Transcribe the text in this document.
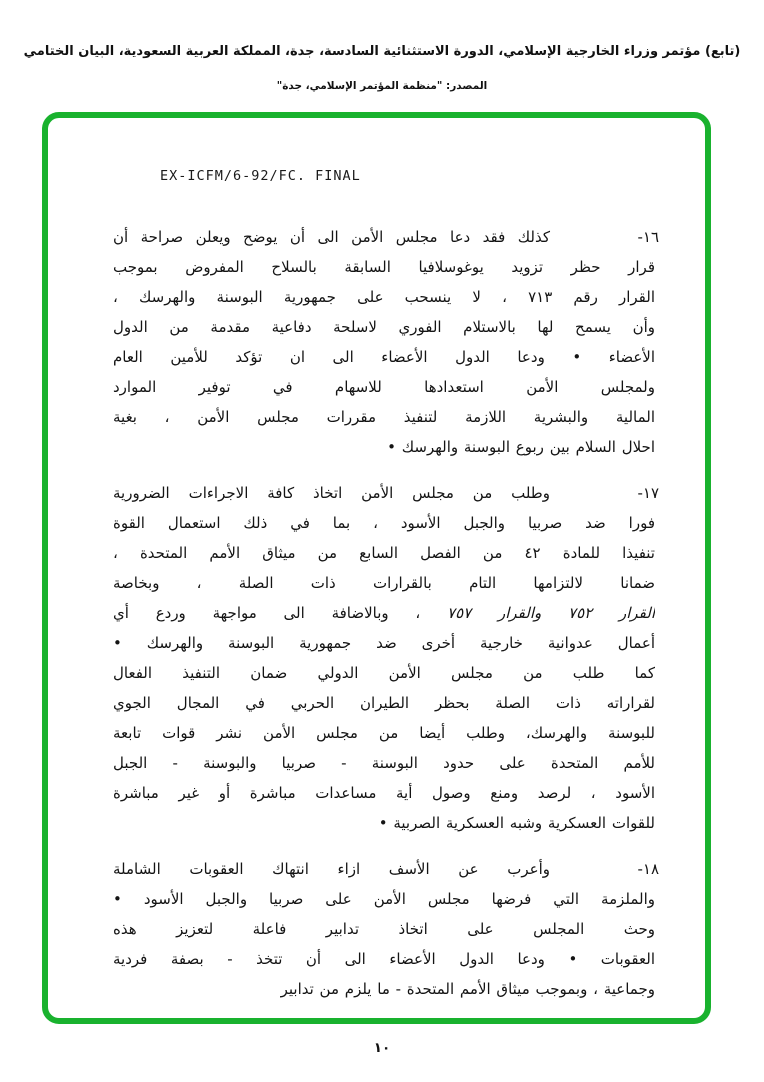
(تابع) مؤتمر وزراء الخارجية الإسلامي، الدورة الاستثنائية السادسة، جدة، المملكة العربية السعودية، البيان الختامي
المصدر: "منظمة المؤتمر الإسلامي، جدة"
EX-ICFM/6-92/FC. FINAL
-١٦
كذلك فقد دعا مجلس الأمن الى أن يوضح ويعلن صراحة أن
قرار حظر تزويد يوغوسلافيا السابقة بالسلاح المفروض بموجب
القرار رقم ٧١٣ ، لا ينسحب على جمهورية البوسنة والهرسك ،
وأن يسمح لها بالاستلام الفوري لاسلحة دفاعية مقدمة من الدول
الأعضاء • ودعا الدول الأعضاء الى ان تؤكد للأمين العام
ولمجلس الأمن استعدادها للاسهام في توفير الموارد
المالية والبشرية اللازمة لتنفيذ مقررات مجلس الأمن ، بغية
احلال السلام بين ربوع البوسنة والهرسك •
-١٧
وطلب من مجلس الأمن اتخاذ كافة الاجراءات الضرورية
فورا ضد صربيا والجبل الأسود ، بما في ذلك استعمال القوة
تنفيذا للمادة ٤٢ من الفصل السابع من ميثاق الأمم المتحدة ،
ضمانا لالتزامها التام بالقرارات ذات الصلة ، وبخاصة
القرار ٧٥٢ والقرار ٧٥٧ ، وبالاضافة الى مواجهة وردع أي
أعمال عدوانية خارجية أخرى ضد جمهورية البوسنة والهرسك •
كما طلب من مجلس الأمن الدولي ضمان التنفيذ الفعال
لقراراته ذات الصلة بحظر الطيران الحربي في المجال الجوي
للبوسنة والهرسك، وطلب أيضا من مجلس الأمن نشر قوات تابعة
للأمم المتحدة على حدود البوسنة - صربيا والبوسنة - الجبل
الأسود ، لرصد ومنع وصول أية مساعدات مباشرة أو غير مباشرة
للقوات العسكرية وشبه العسكرية الصربية •
-١٨
وأعرب عن الأسف ازاء انتهاك العقوبات الشاملة
والملزمة التي فرضها مجلس الأمن على صربيا والجبل الأسود •
وحث المجلس على اتخاذ تدابير فاعلة لتعزيز هذه
العقوبات • ودعا الدول الأعضاء الى أن تتخذ - بصفة فردية
وجماعية ، وبموجب ميثاق الأمم المتحدة - ما يلزم من تدابير
١٠
